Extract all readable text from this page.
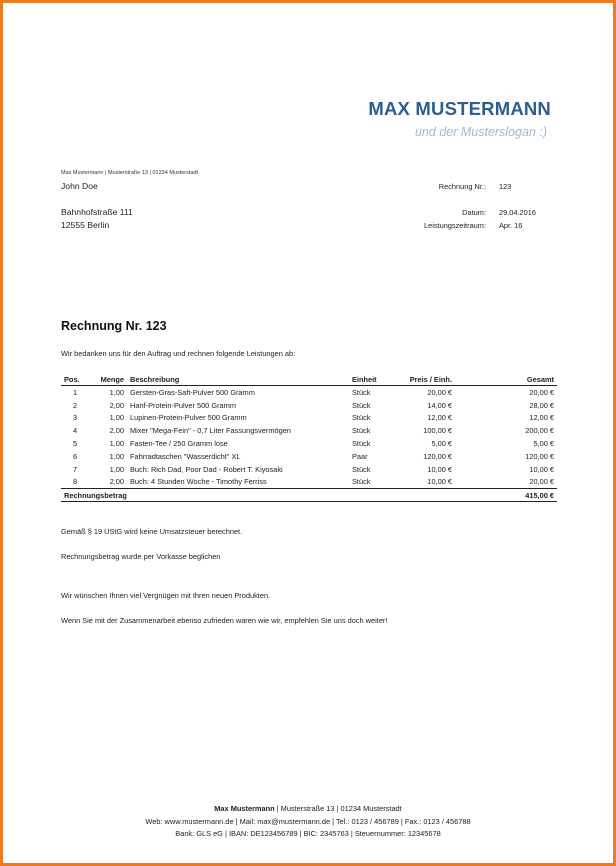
MAX MUSTERMANN
und der Musterslogan :)
Max Mustermann | Musterstraße 13 | 01234 Musterstadt
John Doe
Bahnhofstraße 111
12555 Berlin
Rechnung Nr.: 123
Datum: 29.04.2016
Leistungszeitraum: Apr. 16
Rechnung Nr. 123
Wir bedanken uns für den Auftrag und rechnen folgende Leistungen ab:
Pos.	Menge	Beschreibung	Einheit	Preis / Einh.	Gesamt
1	1,00	Gersten-Gras-Saft-Pulver 500 Gramm	Stück	20,00 €	20,00 €
2	2,00	Hanf-Protein-Pulver 500 Gramm	Stück	14,00 €	28,00 €
3	1,00	Lupinen-Protein-Pulver 500 Gramm	Stück	12,00 €	12,00 €
4	2,00	Mixer "Mega-Fein" - 0,7 Liter Fassungsvermögen	Stück	100,00 €	200,00 €
5	1,00	Fasten-Tee / 250 Gramm lose	Stück	5,00 €	5,00 €
6	1,00	Fahrradtaschen "Wasserdicht" XL	Paar	120,00 €	120,00 €
7	1,00	Buch: Rich Dad, Poor Dad - Robert T. Kiyosaki	Stück	10,00 €	10,00 €
8	2,00	Buch: 4 Stunden Woche - Timothy Ferriss	Stück	10,00 €	20,00 €
Rechnungsbetrag					415,00 €
Gemäß § 19 UStG wird keine Umsatzsteuer berechnet.
Rechnungsbetrag wurde per Vorkasse beglichen
Wir wünschen Ihnen viel Vergnügen mit Ihren neuen Produkten.
Wenn Sie mit der Zusammenarbeit ebenso zufrieden waren wie wir, empfehlen Sie uns doch weiter!
Max Mustermann | Musterstraße 13 | 01234 Musterstadt
Web: www.mustermann.de | Mail: max@mustermann.de | Tel.: 0123 / 456789 | Fax.: 0123 / 456788
Bank: GLS eG | IBAN: DE123456789 | BIC: 2345763 | Steuernummer: 12345678
